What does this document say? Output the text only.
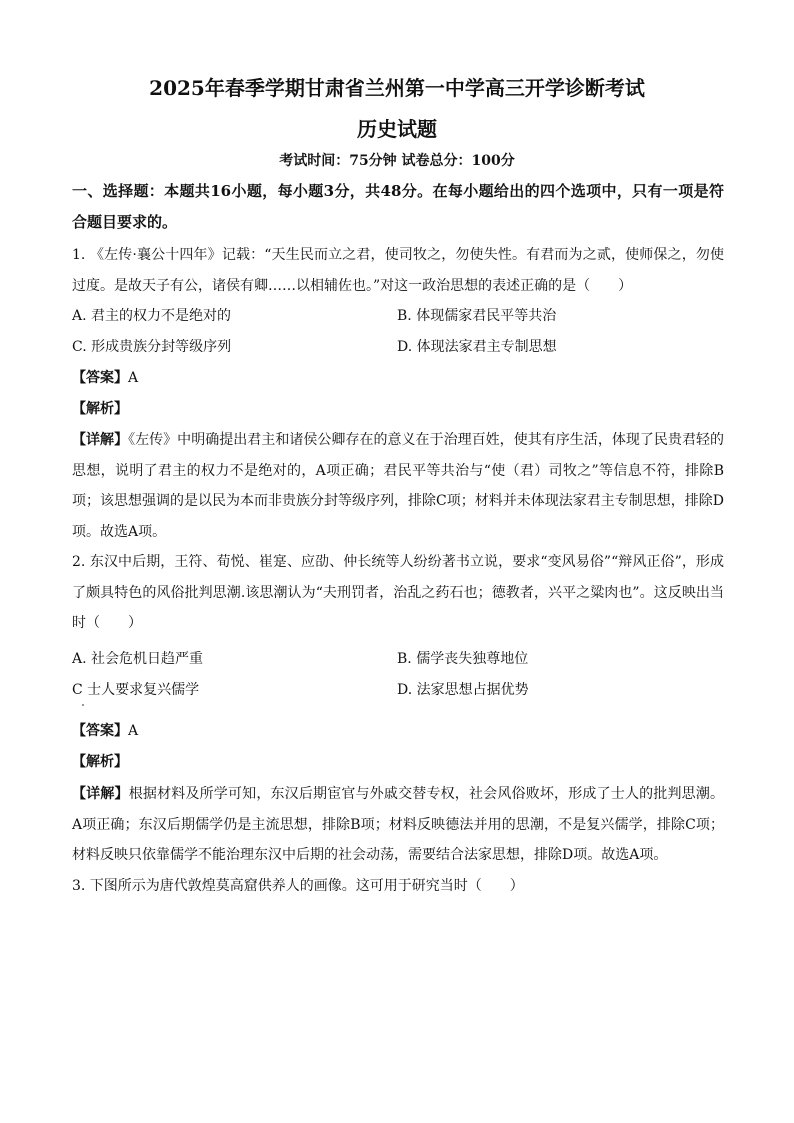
2025年春季学期甘肃省兰州第一中学高三开学诊断考试
历史试题
考试时间：75分钟 试卷总分：100分
一、选择题：本题共16小题，每小题3分，共48分。在每小题给出的四个选项中，只有一项是符合题目要求的。
1. 《左传·襄公十四年》记载：“天生民而立之君，使司牧之，勿使失性。有君而为之贰，使师保之，勿使过度。是故天子有公，诸侯有卿……以相辅佐也。”对这一政治思想的表述正确的是（　　）
A. 君主的权力不是绝对的	B. 体现儒家君民平等共治
C. 形成贵族分封等级序列	D. 体现法家君主专制思想
【答案】A
【解析】
【详解】《左传》中明确提出君主和诸侯公卿存在的意义在于治理百姓，使其有序生活，体现了民贵君轻的思想，说明了君主的权力不是绝对的，A项正确；君民平等共治与“使（君）司牧之”等信息不符，排除B项；该思想强调的是以民为本而非贵族分封等级序列，排除C项；材料并未体现法家君主专制思想，排除D项。故选A项。
2. 东汉中后期，王符、荀悦、崔寔、应劭、仲长统等人纷纷著书立说，要求“变风易俗”“辩风正俗”，形成了颇具特色的风俗批判思潮.该思潮认为“夫刑罚者，治乱之药石也；德教者，兴平之粱肉也”。这反映出当时（　　）
A. 社会危机日趋严重	B. 儒学丧失独尊地位
C 士人要求复兴儒学	D. 法家思想占据优势
【答案】A
【解析】
【详解】根据材料及所学可知，东汉后期宦官与外戚交替专权，社会风俗败坏，形成了士人的批判思潮。A项正确；东汉后期儒学仍是主流思想，排除B项；材料反映德法并用的思潮，不是复兴儒学，排除C项；材料反映只依靠儒学不能治理东汉中后期的社会动荡，需要结合法家思想，排除D项。故选A项。
3. 下图所示为唐代敦煌莫高窟供养人的画像。这可用于研究当时（　　）
